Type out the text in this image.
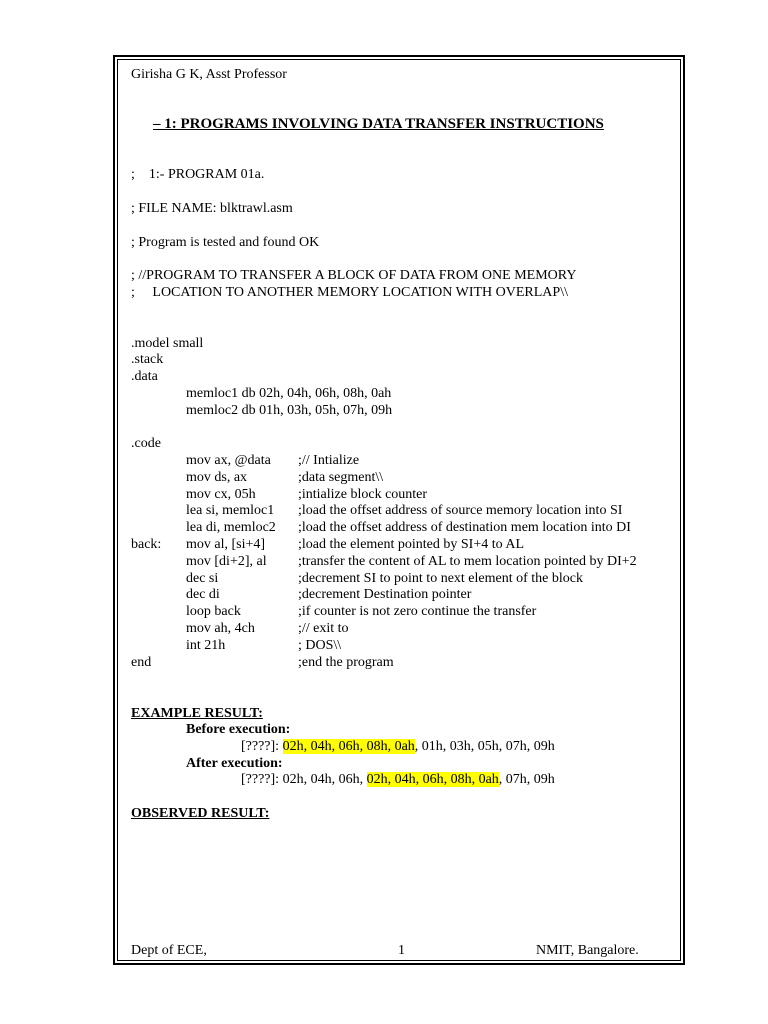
Girisha G K, Asst Professor
– 1: PROGRAMS INVOLVING DATA TRANSFER INSTRUCTIONS
;    1:- PROGRAM 01a.
; FILE NAME: blktrawl.asm
; Program is tested and found OK
; //PROGRAM TO TRANSFER A BLOCK OF DATA FROM ONE MEMORY
;     LOCATION TO ANOTHER MEMORY LOCATION WITH OVERLAP\\
.model small
.stack
.data
memloc1 db 02h, 04h, 06h, 08h, 0ah
memloc2 db 01h, 03h, 05h, 07h, 09h
.code
mov ax, @data ;// Intialize
mov ds, ax	;data segment\\
mov cx, 05h	;intialize block counter
lea si, memloc1 ;load the offset address of source memory location into SI
lea di, memloc2 ;load the offset address of destination mem location into DI
back: mov al, [si+4] ;load the element pointed by SI+4 to AL
mov [di+2], al ;transfer the content of AL to mem location pointed by DI+2
dec si	;decrement SI to point to next element of the block
dec di	;decrement Destination pointer
loop back	;if counter is not zero continue the transfer
mov ah, 4ch	;// exit to
int 21h	; DOS\\
end	;end the program
EXAMPLE RESULT:
Before execution:
[????]: 02h, 04h, 06h, 08h, 0ah, 01h, 03h, 05h, 07h, 09h
After execution:
[????]: 02h, 04h, 06h, 02h, 04h, 06h, 08h, 0ah, 07h, 09h
OBSERVED RESULT:
Dept of ECE,	1	NMIT, Bangalore.
